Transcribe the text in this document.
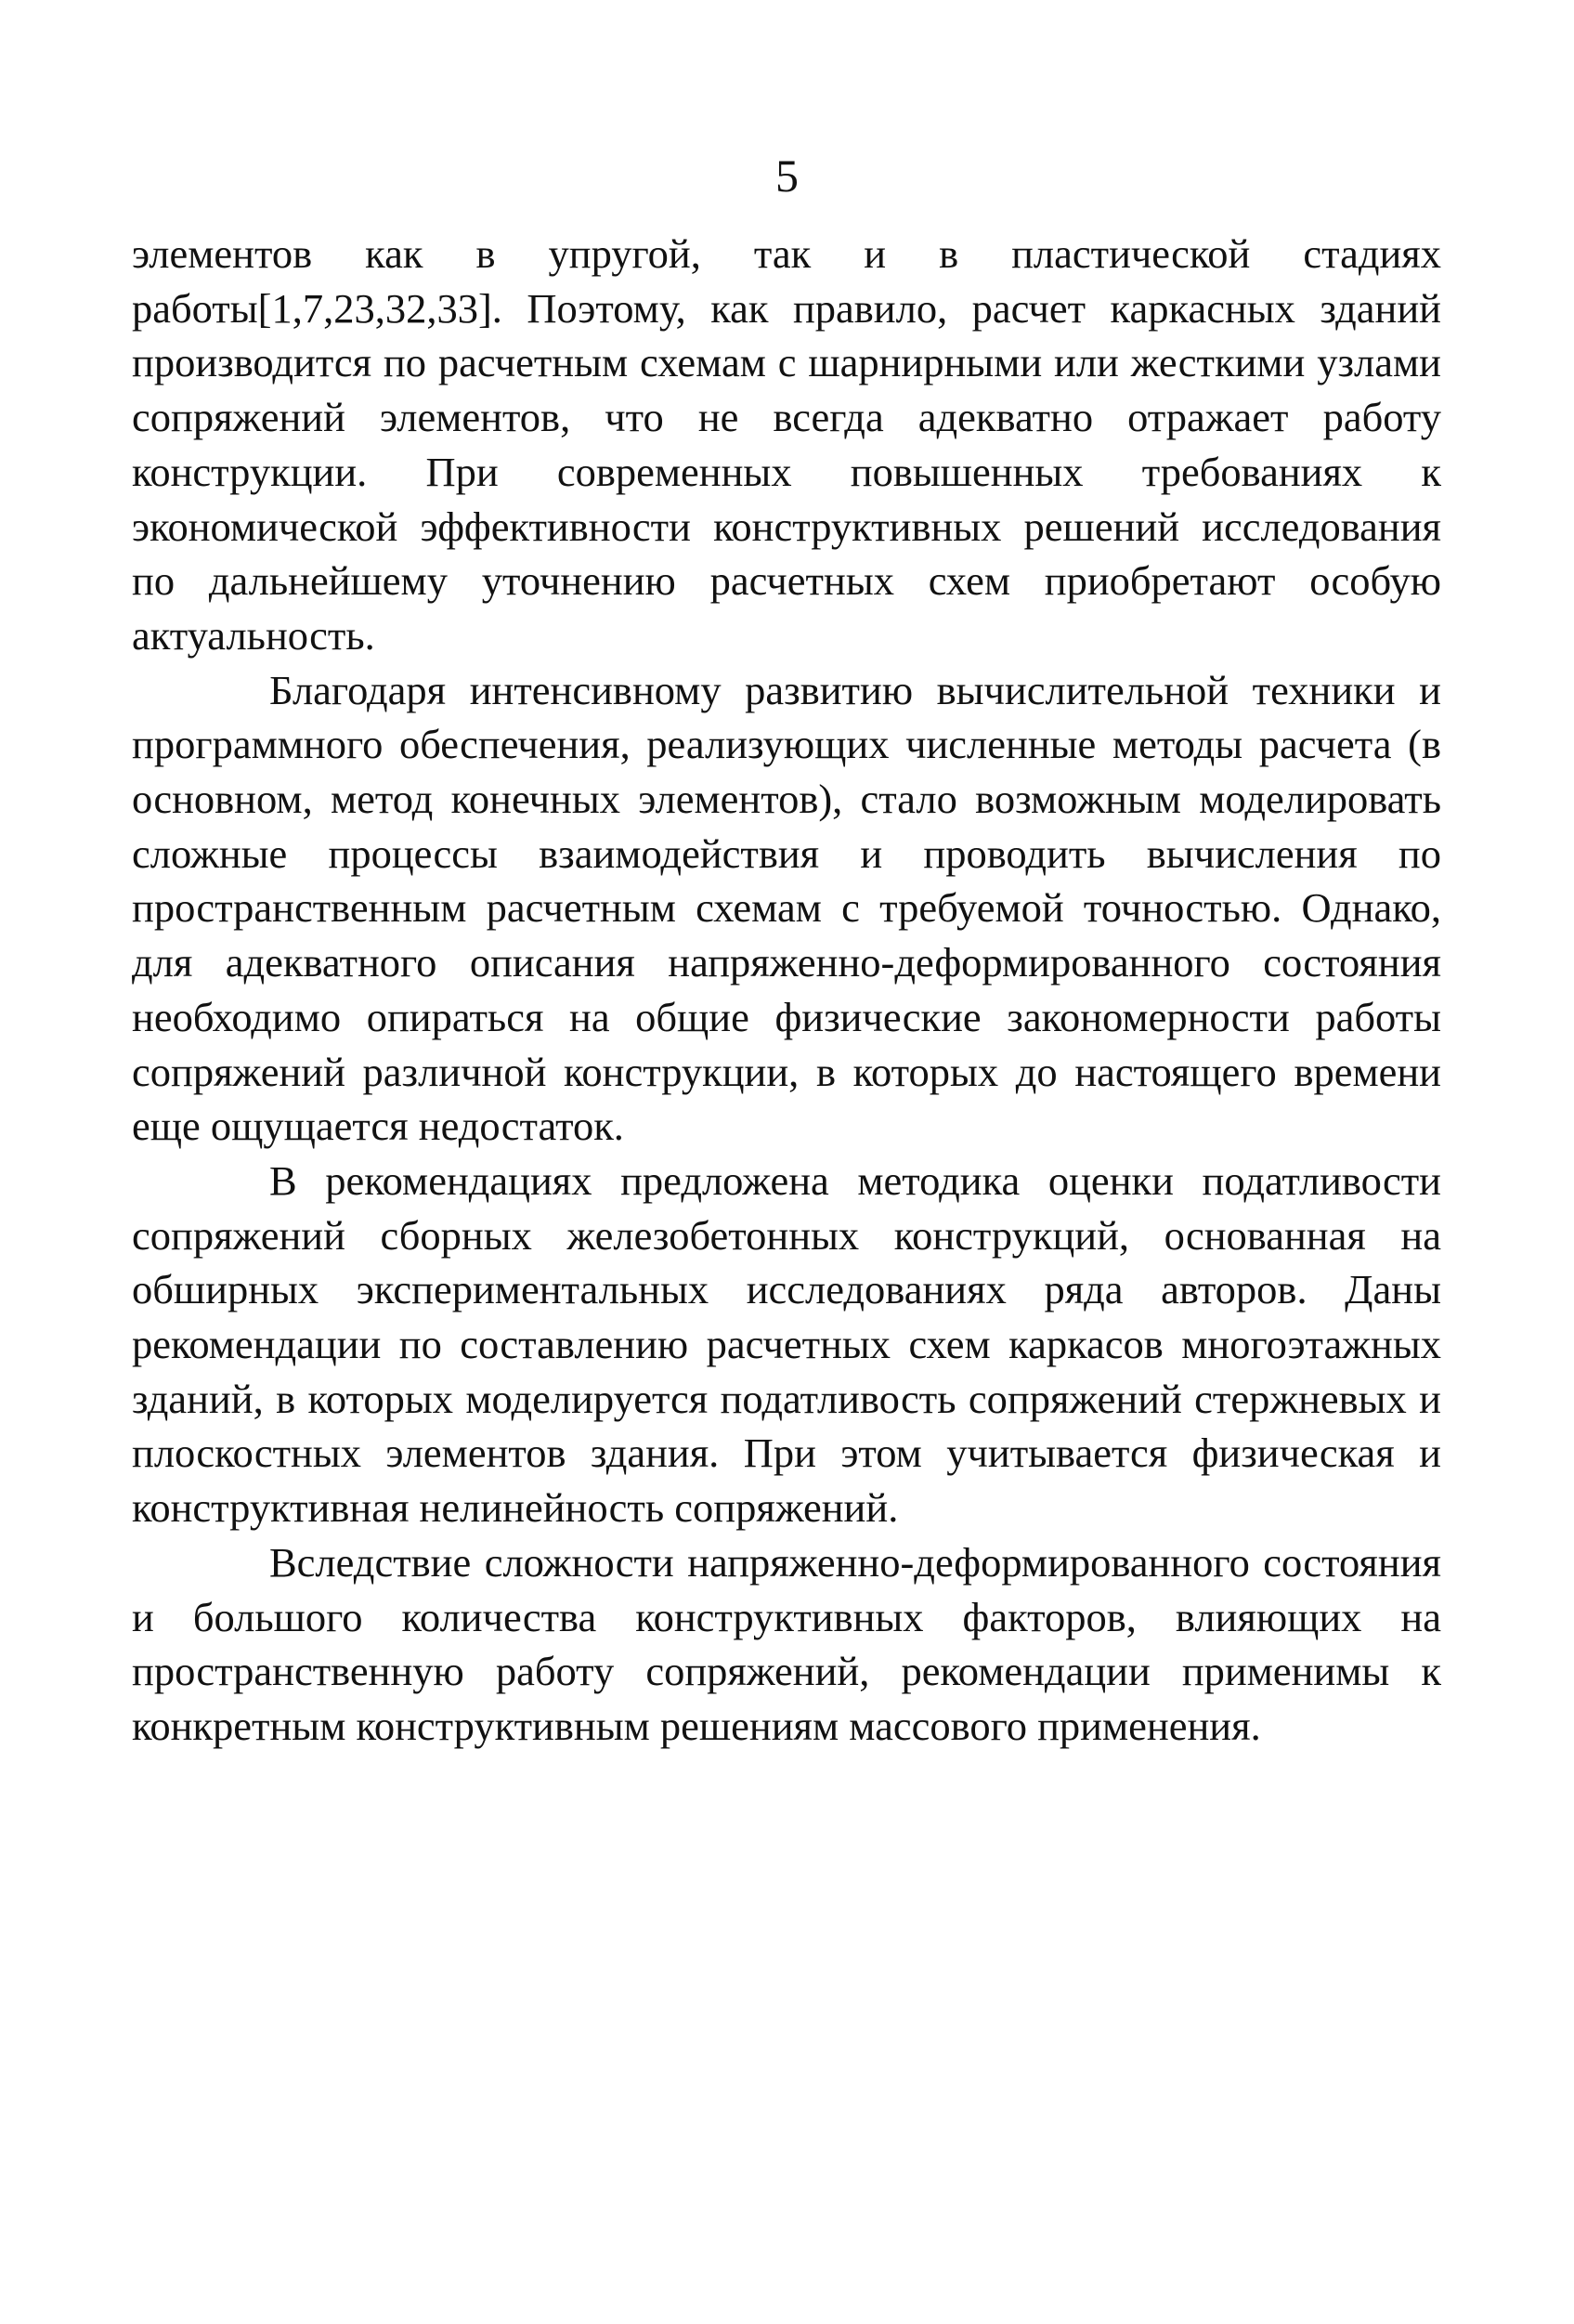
5

элементов как в упругой, так и в пластической стадиях работы[1,7,23,32,33]. Поэтому, как правило, расчет каркасных зданий производится по расчетным схемам с шарнирными или жесткими узлами сопряжений элементов, что не всегда адекватно отражает работу конструкции. При современных повышенных требованиях к экономической эффективности конструктивных решений исследования по дальнейшему уточнению расчетных схем приобретают особую актуальность.

Благодаря интенсивному развитию вычислительной техники и программного обеспечения, реализующих численные методы расчета (в основном, метод конечных элементов), стало возможным моделировать сложные процессы взаимодействия и проводить вычисления по пространственным расчетным схемам с требуемой точностью. Однако, для адекватного описания напряженно-деформированного состояния необходимо опираться на общие физические закономерности работы сопряжений различной конструкции, в которых до настоящего времени еще ощущается недостаток.

В рекомендациях предложена методика оценки податливости сопряжений сборных железобетонных конструкций, основанная на обширных экспериментальных исследованиях ряда авторов. Даны рекомендации по составлению расчетных схем каркасов многоэтажных зданий, в которых моделируется податливость сопряжений стержневых и плоскостных элементов здания. При этом учитывается физическая и конструктивная нелинейность сопряжений.

Вследствие сложности напряженно-деформированного состояния и большого количества конструктивных факторов, влияющих на пространственную работу сопряжений, рекомендации применимы к конкретным конструктивным решениям массового применения.
